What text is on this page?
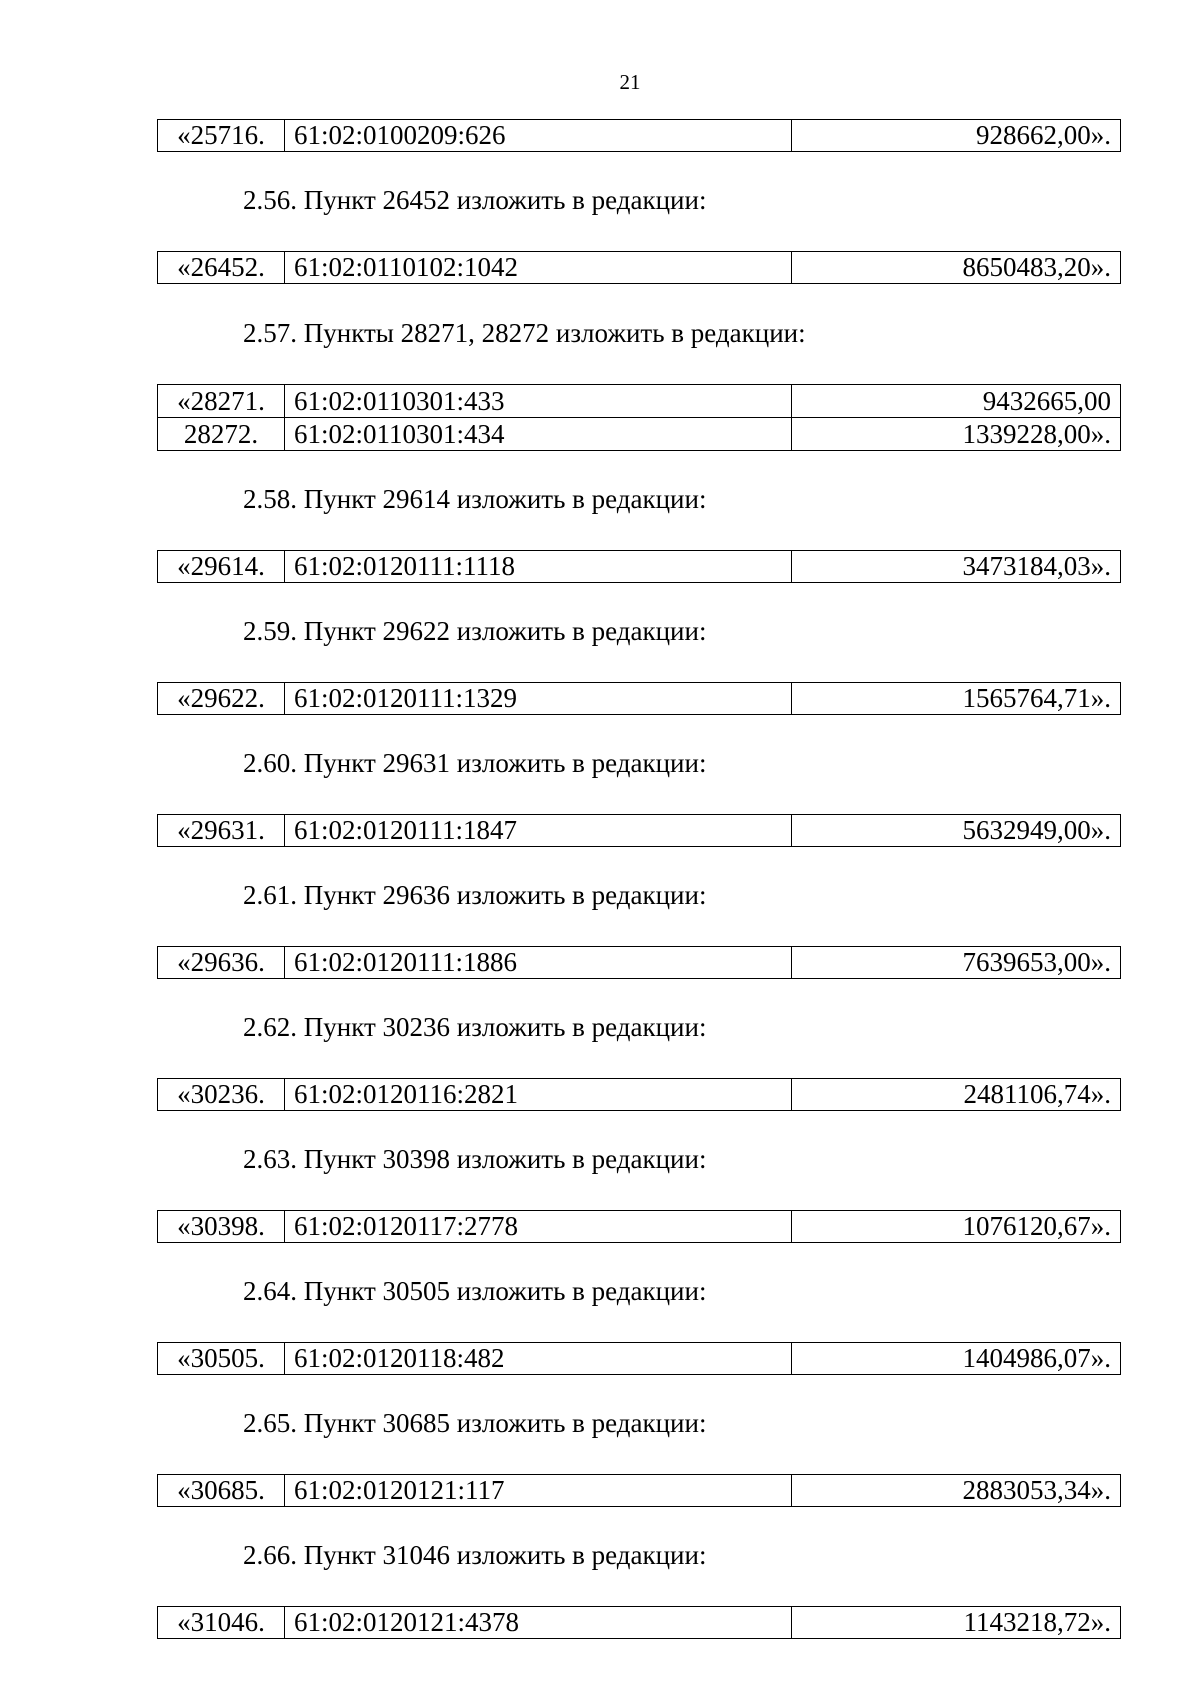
21
«25716.	61:02:0100209:626	928662,00».
2.56. Пункт 26452 изложить в редакции:
«26452.	61:02:0110102:1042	8650483,20».
2.57. Пункты 28271, 28272 изложить в редакции:
«28271.	61:02:0110301:433	9432665,00
28272.	61:02:0110301:434	1339228,00».
2.58. Пункт 29614 изложить в редакции:
«29614.	61:02:0120111:1118	3473184,03».
2.59. Пункт 29622 изложить в редакции:
«29622.	61:02:0120111:1329	1565764,71».
2.60. Пункт 29631 изложить в редакции:
«29631.	61:02:0120111:1847	5632949,00».
2.61. Пункт 29636 изложить в редакции:
«29636.	61:02:0120111:1886	7639653,00».
2.62. Пункт 30236 изложить в редакции:
«30236.	61:02:0120116:2821	2481106,74».
2.63. Пункт 30398 изложить в редакции:
«30398.	61:02:0120117:2778	1076120,67».
2.64. Пункт 30505 изложить в редакции:
«30505.	61:02:0120118:482	1404986,07».
2.65. Пункт 30685 изложить в редакции:
«30685.	61:02:0120121:117	2883053,34».
2.66. Пункт 31046 изложить в редакции:
«31046.	61:02:0120121:4378	1143218,72».
